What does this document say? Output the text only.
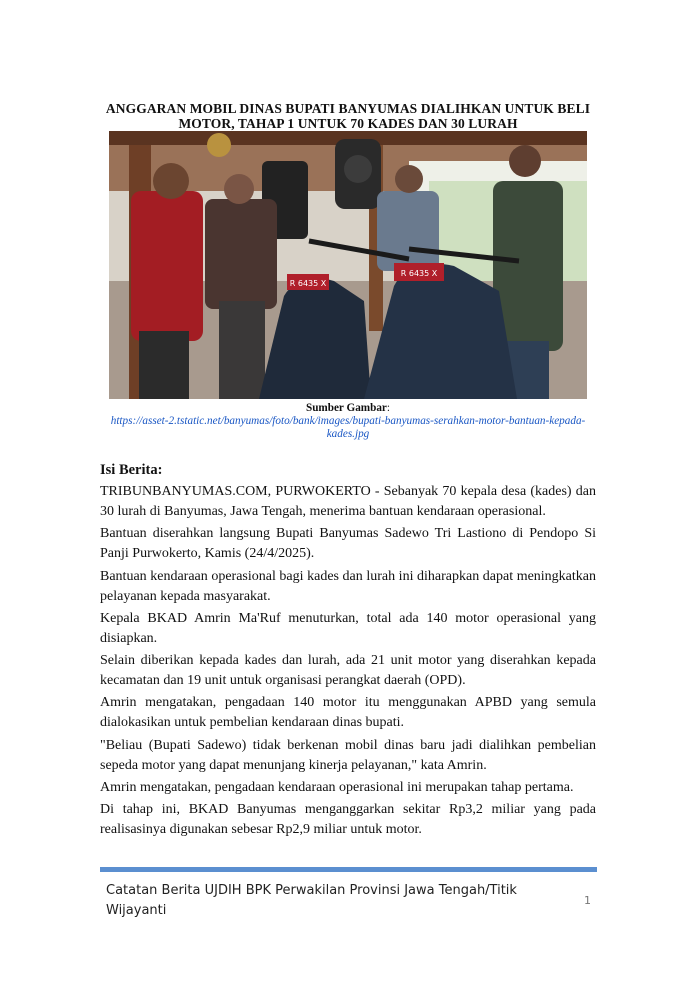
ANGGARAN MOBIL DINAS BUPATI BANYUMAS DIALIHKAN UNTUK BELI MOTOR, TAHAP 1 UNTUK 70 KADES DAN 30 LURAH
R 6435 X
R 6435 X
Sumber Gambar:
https://asset-2.tstatic.net/banyumas/foto/bank/images/bupati-banyumas-serahkan-motor-bantuan-kepada-kades.jpg
Isi Berita:

TRIBUNBANYUMAS.COM, PURWOKERTO - Sebanyak 70 kepala desa (kades) dan 30 lurah di Banyumas, Jawa Tengah, menerima bantuan kendaraan operasional.

Bantuan diserahkan langsung Bupati Banyumas Sadewo Tri Lastiono di Pendopo Si Panji Purwokerto, Kamis (24/4/2025).

Bantuan kendaraan operasional bagi kades dan lurah ini diharapkan dapat meningkatkan pelayanan kepada masyarakat.

Kepala BKAD Amrin Ma'Ruf menuturkan, total ada 140 motor operasional yang disiapkan.

Selain diberikan kepada kades dan lurah, ada 21 unit motor yang diserahkan kepada kecamatan dan 19 unit untuk organisasi perangkat daerah (OPD).

Amrin mengatakan, pengadaan 140 motor itu menggunakan APBD yang semula dialokasikan untuk pembelian kendaraan dinas bupati.

"Beliau (Bupati Sadewo) tidak berkenan mobil dinas baru jadi dialihkan pembelian sepeda motor yang dapat menunjang kinerja pelayanan," kata Amrin.

Amrin mengatakan, pengadaan kendaraan operasional ini merupakan tahap pertama.

Di tahap ini, BKAD Banyumas menganggarkan sekitar Rp3,2 miliar yang pada realisasinya digunakan sebesar Rp2,9 miliar untuk motor.

Catatan Berita UJDIH BPK Perwakilan Provinsi Jawa Tengah/Titik Wijayanti
1
